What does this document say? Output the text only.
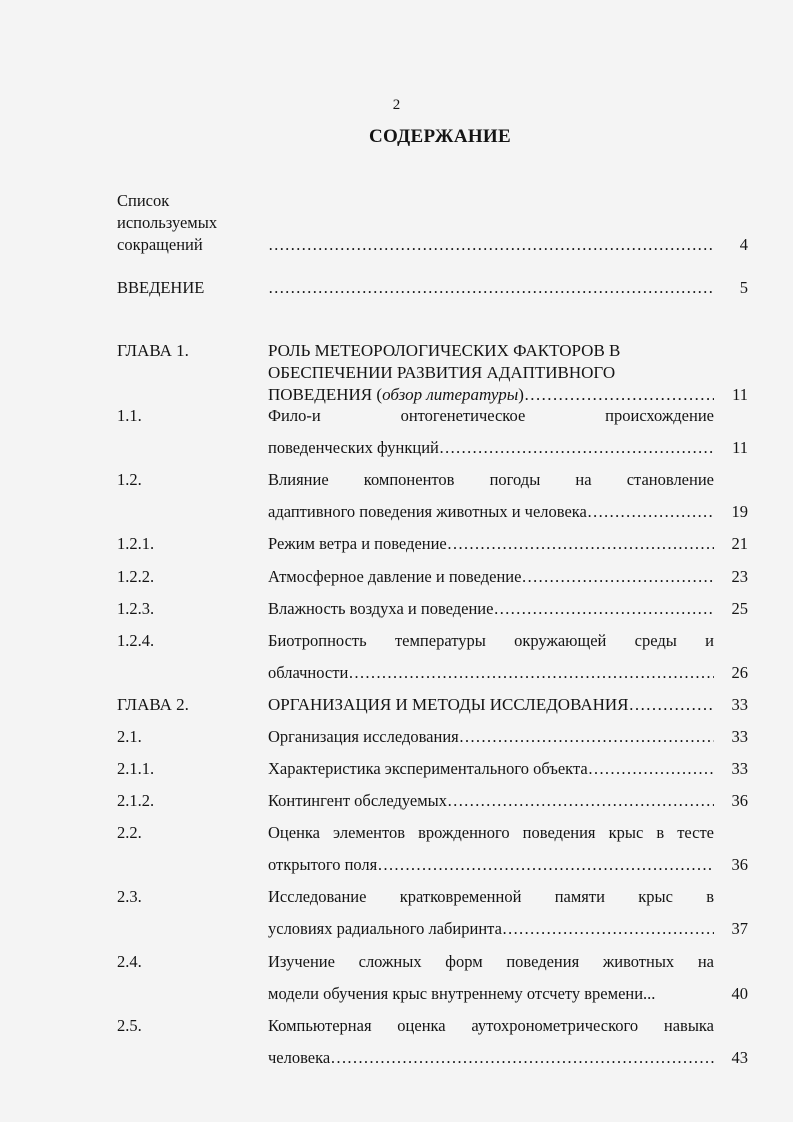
2
СОДЕРЖАНИЕ
Список
используемых
сокращений ………………………………………………………………………………………………………………	4
ВВЕДЕНИЕ ………………………………………………………………………………………………………………	5
ГЛАВА 1.	РОЛЬ МЕТЕОРОЛОГИЧЕСКИХ ФАКТОРОВ В
ОБЕСПЕЧЕНИИ РАЗВИТИЯ АДАПТИВНОГО
ПОВЕДЕНИЯ (обзор литературы) ………………………………………………………………………………………………………………	11
1.1.	Фило-и онтогенетическое происхождение
поведенческих функций ………………………………………………………………………………………………………………	11
1.2.	Влияние компонентов погоды на становление
адаптивного поведения животных и человека ………………………………………………………………………………………………………………	19
1.2.1.	Режим ветра и поведение ………………………………………………………………………………………………………………	21
1.2.2.	Атмосферное давление и поведение ………………………………………………………………………………………………………………	23
1.2.3.	Влажность воздуха и поведение ………………………………………………………………………………………………………………	25
1.2.4.	Биотропность температуры окружающей среды и
облачности ………………………………………………………………………………………………………………	26
ГЛАВА 2.	ОРГАНИЗАЦИЯ И МЕТОДЫ ИССЛЕДОВАНИЯ ………………………………………………………………………………………………………………	33
2.1.	Организация исследования ………………………………………………………………………………………………………………	33
2.1.1.	Характеристика экспериментального объекта ………………………………………………………………………………………………………………	33
2.1.2.	Контингент обследуемых ………………………………………………………………………………………………………………	36
2.2.	Оценка элементов врожденного поведения крыс в тесте
открытого поля ………………………………………………………………………………………………………………	36
2.3.	Исследование кратковременной памяти крыс в
условиях радиального лабиринта ………………………………………………………………………………………………………………	37
2.4.	Изучение сложных форм поведения животных на
модели обучения крыс внутреннему отсчету времени...	40
2.5.	Компьютерная оценка аутохронометрического навыка
человека ………………………………………………………………………………………………………………	43
